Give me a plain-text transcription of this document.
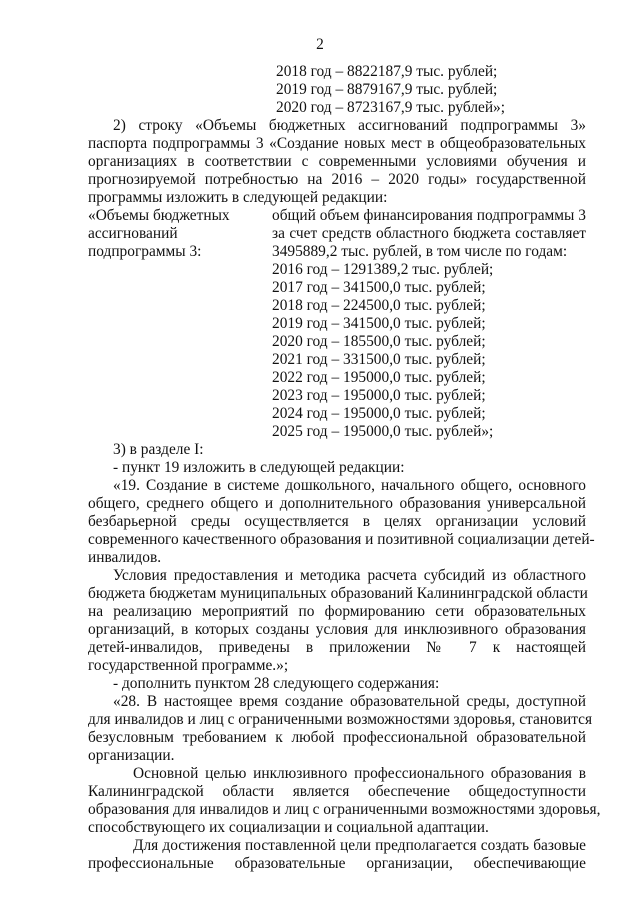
2
2018 год – 8822187,9 тыс. рублей;
2019 год – 8879167,9 тыс. рублей;
2020 год – 8723167,9 тыс. рублей»;
2) строку «Объемы бюджетных ассигнований подпрограммы 3»
паспорта подпрограммы 3 «Создание новых мест в общеобразовательных
организациях в соответствии с современными условиями обучения и
прогнозируемой потребностью на 2016 – 2020 годы» государственной
программы изложить в следующей редакции:
«Объемы бюджетных
ассигнований
подпрограммы 3:
общий объем финансирования подпрограммы 3
за счет средств областного бюджета составляет
3495889,2 тыс. рублей, в том числе по годам:
2016 год – 1291389,2 тыс. рублей;
2017 год – 341500,0 тыс. рублей;
2018 год – 224500,0 тыс. рублей;
2019 год – 341500,0 тыс. рублей;
2020 год – 185500,0 тыс. рублей;
2021 год – 331500,0 тыс. рублей;
2022 год – 195000,0 тыс. рублей;
2023 год – 195000,0 тыс. рублей;
2024 год – 195000,0 тыс. рублей;
2025 год – 195000,0 тыс. рублей»;
3) в разделе I:
- пункт 19 изложить в следующей редакции:
«19. Создание в системе дошкольного, начального общего, основного
общего, среднего общего и дополнительного образования универсальной
безбарьерной среды осуществляется в целях организации условий
современного качественного образования и позитивной социализации детей-
инвалидов.
Условия предоставления и методика расчета субсидий из областного
бюджета бюджетам муниципальных образований Калининградской области
на реализацию мероприятий по формированию сети образовательных
организаций, в которых созданы условия для инклюзивного образования
детей-инвалидов, приведены в приложении № 7 к настоящей
государственной программе.»;
- дополнить пунктом 28 следующего содержания:
«28. В настоящее время создание образовательной среды, доступной
для инвалидов и лиц с ограниченными возможностями здоровья, становится
безусловным требованием к любой профессиональной образовательной
организации.
Основной целью инклюзивного профессионального образования в
Калининградской области является обеспечение общедоступности
образования для инвалидов и лиц с ограниченными возможностями здоровья,
способствующего их социализации и социальной адаптации.
Для достижения поставленной цели предполагается создать базовые
профессиональные образовательные организации, обеспечивающие
